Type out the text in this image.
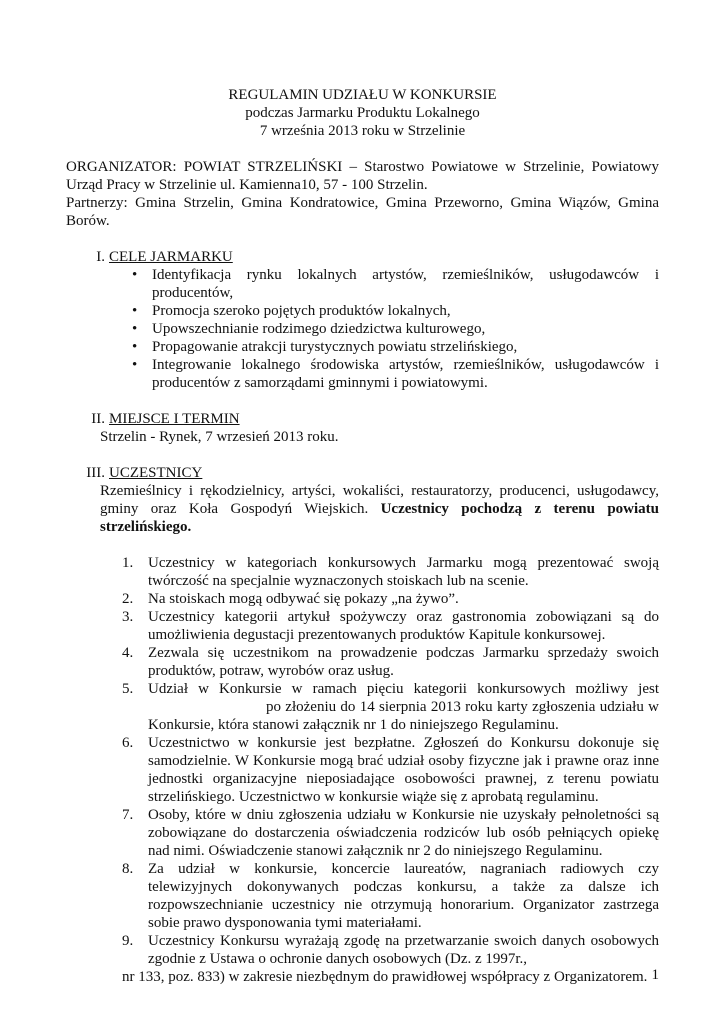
REGULAMIN UDZIAŁU W KONKURSIE
podczas Jarmarku Produktu Lokalnego
7 września 2013 roku w Strzelinie

ORGANIZATOR: POWIAT STRZELIŃSKI – Starostwo Powiatowe w Strzelinie, Powiatowy Urząd Pracy w Strzelinie ul. Kamienna10, 57 - 100 Strzelin.

Partnerzy: Gmina Strzelin, Gmina Kondratowice, Gmina Przeworno, Gmina Wiązów, Gmina Borów.

I. CELE JARMARKU
• Identyfikacja rynku lokalnych artystów, rzemieślników, usługodawców i producentów,
• Promocja szeroko pojętych produktów lokalnych,
• Upowszechnianie rodzimego dziedzictwa kulturowego,
• Propagowanie atrakcji turystycznych powiatu strzelińskiego,
• Integrowanie lokalnego środowiska artystów, rzemieślników, usługodawców i producentów z samorządami gminnymi i powiatowymi.
II. MIEJSCE I TERMIN
Strzelin - Rynek, 7 wrzesień 2013 roku.
III. UCZESTNICY
Rzemieślnicy i rękodzielnicy, artyści, wokaliści, restauratorzy, producenci, usługodawcy, gminy oraz Koła Gospodyń Wiejskich. Uczestnicy pochodzą z terenu powiatu strzelińskiego.
1. Uczestnicy w kategoriach konkursowych Jarmarku mogą prezentować swoją twórczość na specjalnie wyznaczonych stoiskach lub na scenie.
2. Na stoiskach mogą odbywać się pokazy „na żywo”.
3. Uczestnicy kategorii artykuł spożywczy oraz gastronomia zobowiązani są do umożliwienia degustacji prezentowanych produktów Kapitule konkursowej.
4. Zezwala się uczestnikom na prowadzenie podczas Jarmarku sprzedaży swoich produktów, potraw, wyrobów oraz usług.
5. Udział w Konkursie w ramach pięciu kategorii konkursowych możliwy jestpo złożeniu do 14 sierpnia 2013 roku karty zgłoszenia udziału w Konkursie, która stanowi załącznik nr 1 do niniejszego Regulaminu.
6. Uczestnictwo w konkursie jest bezpłatne. Zgłoszeń do Konkursu dokonuje się samodzielnie. W Konkursie mogą brać udział osoby fizyczne jak i prawne oraz inne jednostki organizacyjne nieposiadające osobowości prawnej, z terenu powiatu strzelińskiego. Uczestnictwo w konkursie wiąże się z aprobatą regulaminu.
7. Osoby, które w dniu zgłoszenia udziału w Konkursie nie uzyskały pełnoletności są zobowiązane do dostarczenia oświadczenia rodziców lub osób pełniących opiekę nad nimi. Oświadczenie stanowi załącznik nr 2 do niniejszego Regulaminu.
8. Za udział w konkursie, koncercie laureatów, nagraniach radiowych czy telewizyjnych dokonywanych podczas konkursu, a także za dalsze ich rozpowszechnianie uczestnicy nie otrzymują honorarium. Organizator zastrzega sobie prawo dysponowania tymi materiałami.
9. Uczestnicy Konkursu wyrażają zgodę na przetwarzanie swoich danych osobowych zgodnie z Ustawa o ochronie danych osobowych (Dz. z 1997r.,
nr 133, poz. 833) w zakresie niezbędnym do prawidłowej współpracy z Organizatorem. 1
